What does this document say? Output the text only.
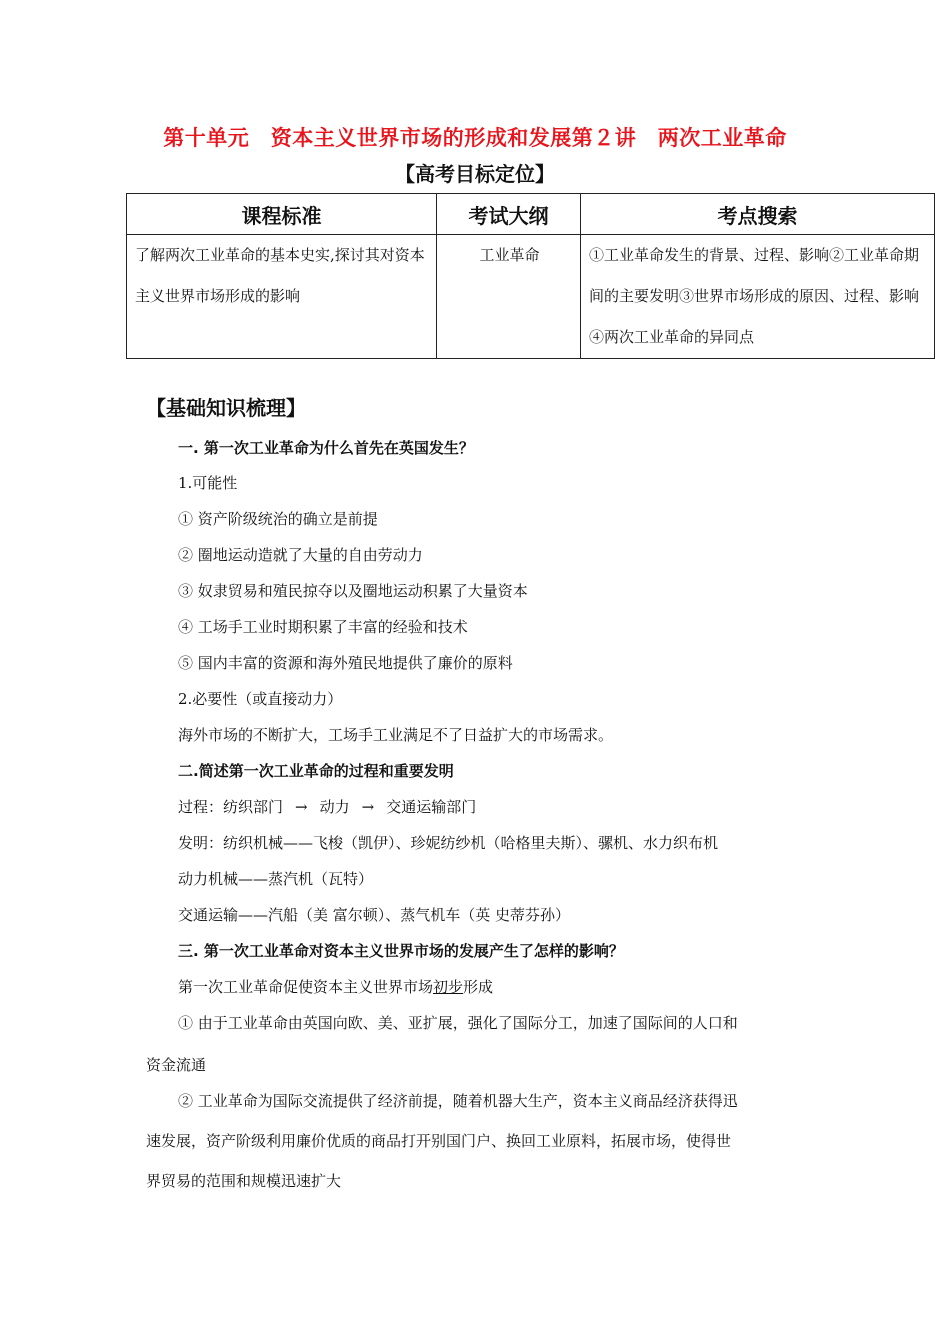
第十单元　资本主义世界市场的形成和发展第２讲　两次工业革命
【高考目标定位】
课程标准	考试大纲	考点搜索
了解两次工业革命的基本史实,探讨其对资本主义世界市场形成的影响	工业革命	①工业革命发生的背景、过程、影响②工业革命期间的主要发明③世界市场形成的原因、过程、影响④两次工业革命的异同点
【基础知识梳理】
一. 第一次工业革命为什么首先在英国发生？
1.可能性
① 资产阶级统治的确立是前提
② 圈地运动造就了大量的自由劳动力
③ 奴隶贸易和殖民掠夺以及圈地运动积累了大量资本
④ 工场手工业时期积累了丰富的经验和技术
⑤ 国内丰富的资源和海外殖民地提供了廉价的原料
2.必要性（或直接动力）
海外市场的不断扩大，工场手工业满足不了日益扩大的市场需求。
二.简述第一次工业革命的过程和重要发明
过程：纺织部门 → 动力 → 交通运输部门
发明：纺织机械——飞梭（凯伊）、珍妮纺纱机（哈格里夫斯）、骡机、水力织布机
动力机械——蒸汽机（瓦特）
交通运输——汽船（美 富尔顿）、蒸气机车（英 史蒂芬孙）
三. 第一次工业革命对资本主义世界市场的发展产生了怎样的影响？
第一次工业革命促使资本主义世界市场初步形成
① 由于工业革命由英国向欧、美、亚扩展，强化了国际分工，加速了国际间的人口和
资金流通
② 工业革命为国际交流提供了经济前提，随着机器大生产，资本主义商品经济获得迅
速发展，资产阶级利用廉价优质的商品打开别国门户、换回工业原料，拓展市场，使得世
界贸易的范围和规模迅速扩大
